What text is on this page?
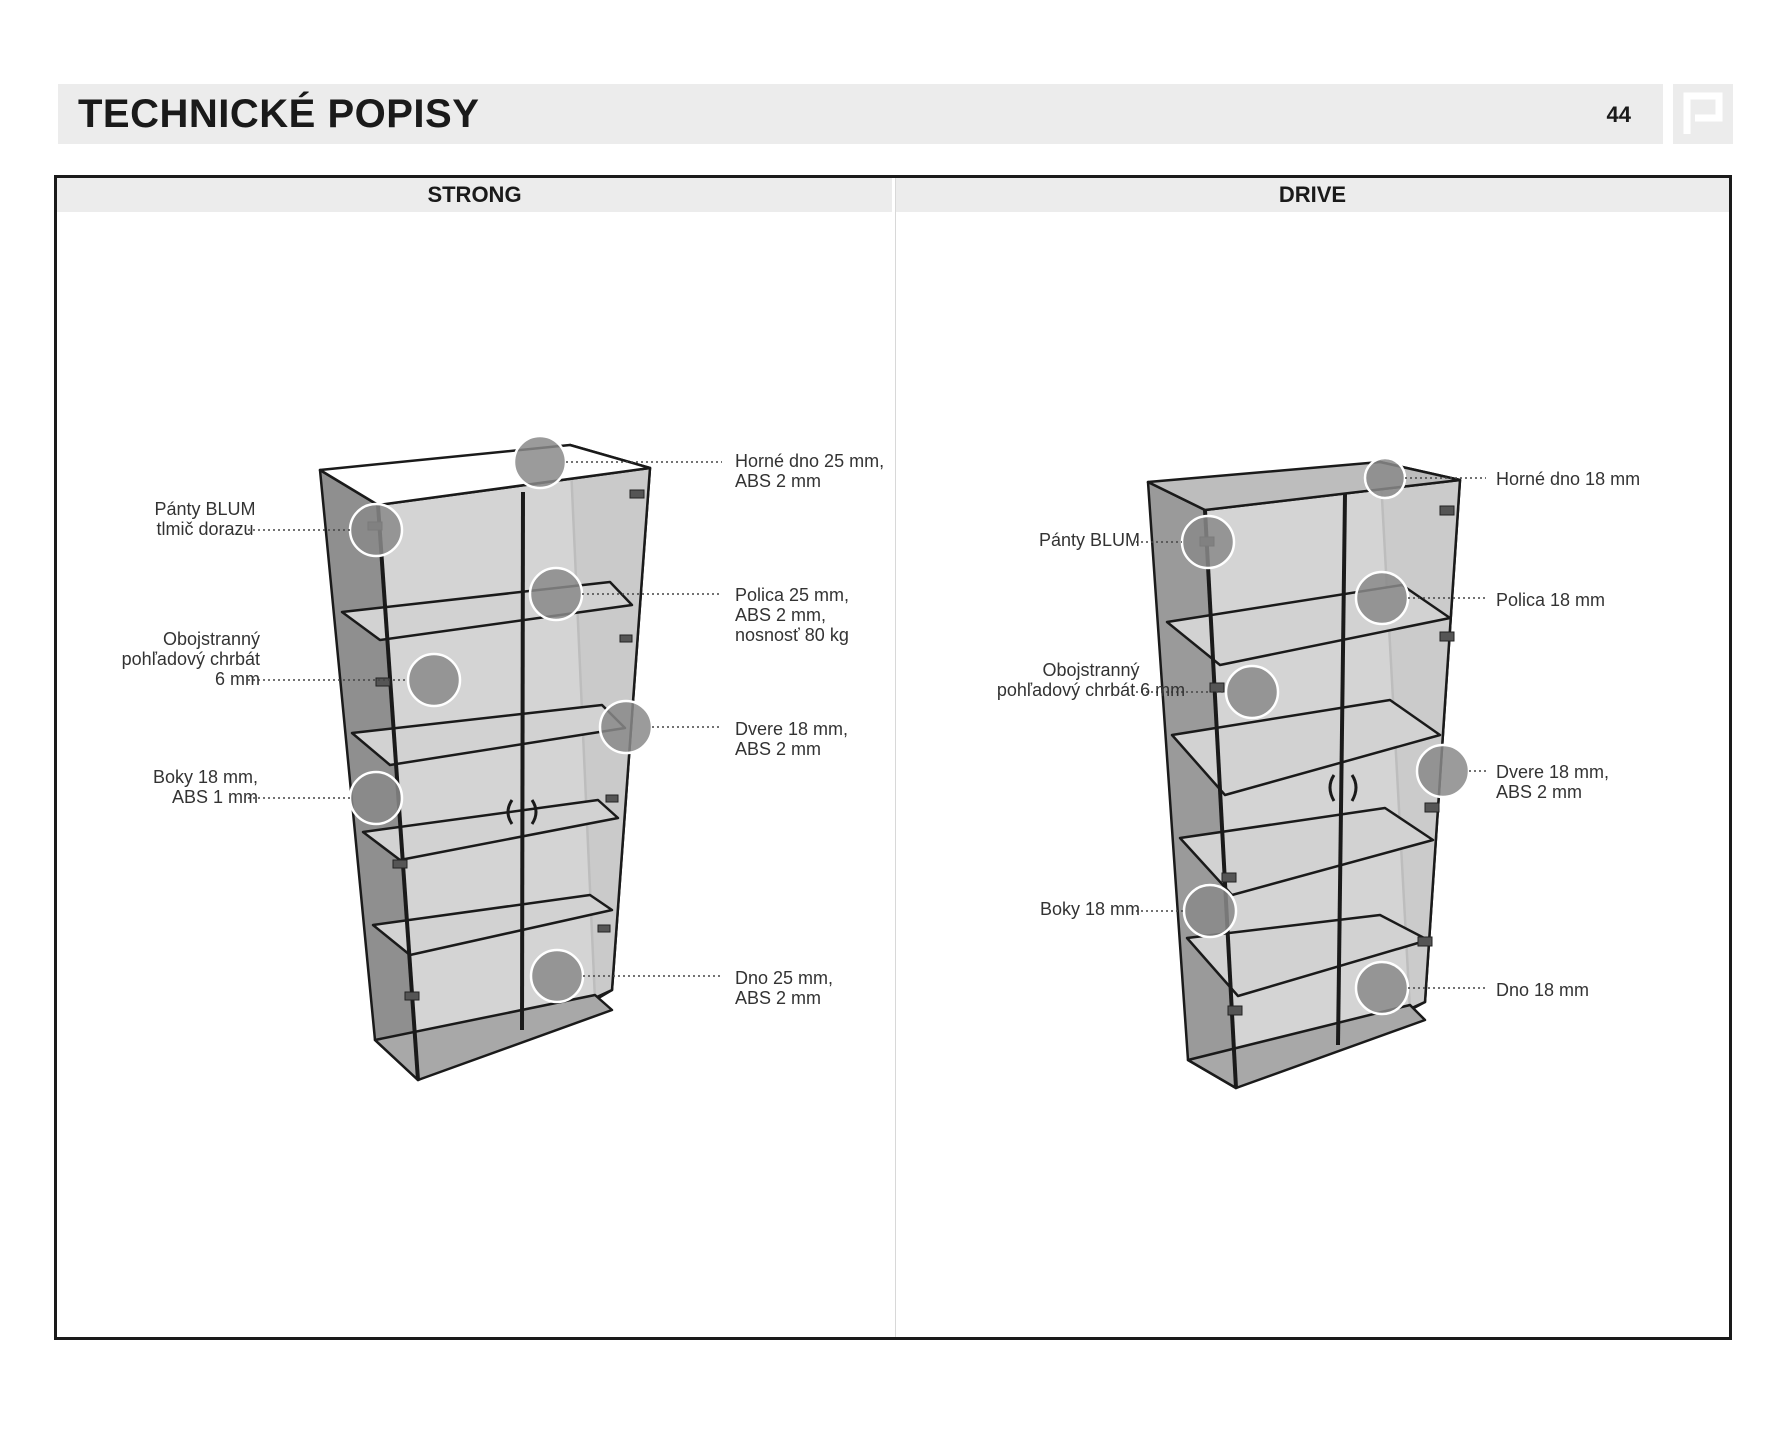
TECHNICKÉ POPISY	44
STRONG	DRIVE
Horné dno 25 mm,
ABS 2 mm
Pánty BLUM
tlmič dorazu
Polica 25 mm,
ABS 2 mm,
nosnosť 80 kg
Obojstranný
pohľadový chrbát
6 mm
Dvere 18 mm,
ABS 2 mm
Boky 18 mm,
ABS 1 mm
Dno 25 mm,
ABS 2 mm
Horné dno 18 mm
Pánty BLUM
Polica 18 mm
Obojstranný
pohľadový chrbát 6 mm
Dvere 18 mm,
ABS 2 mm
Boky 18 mm
Dno 18 mm
